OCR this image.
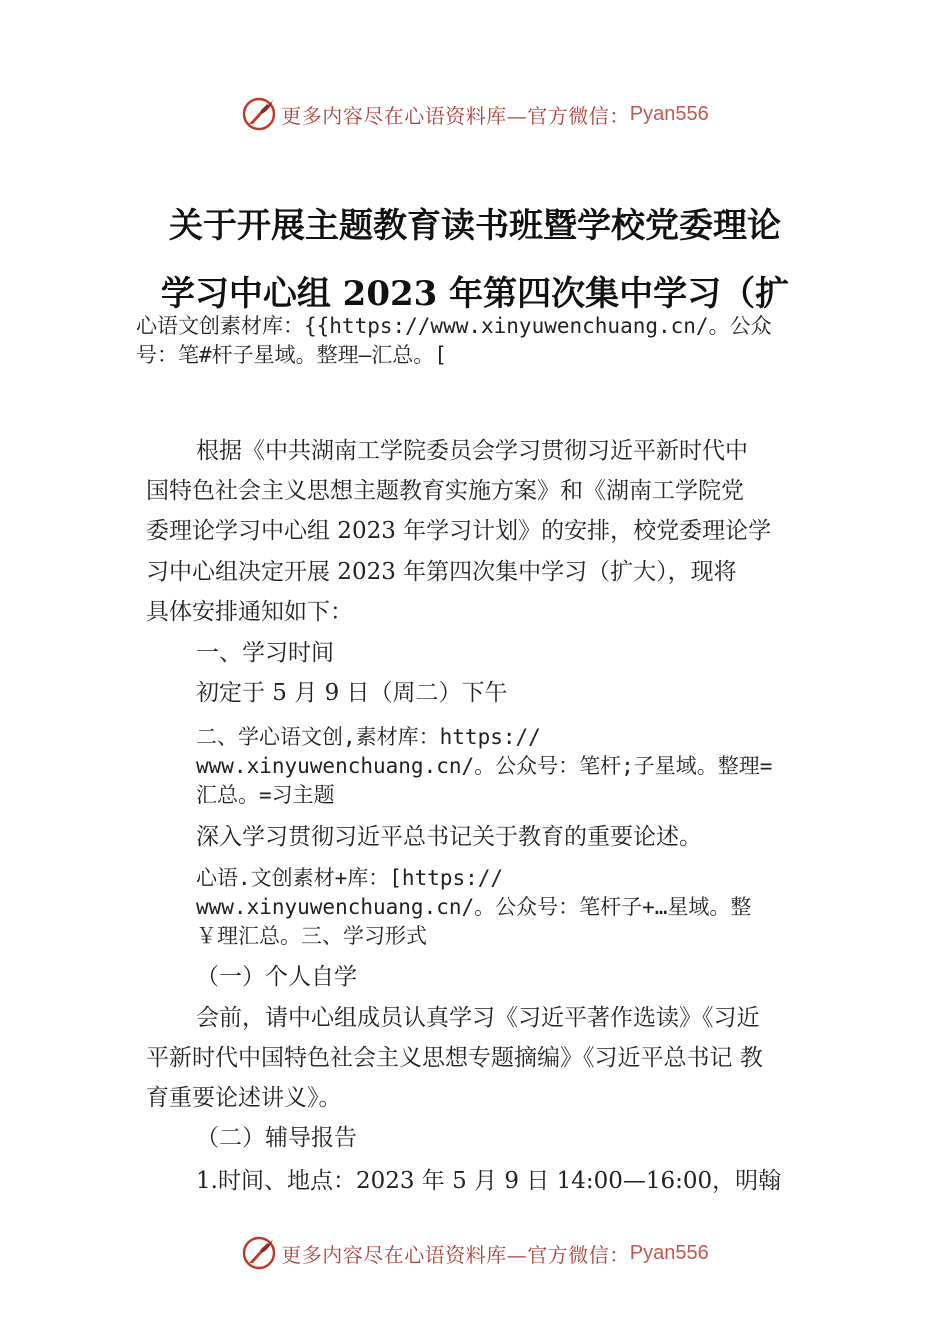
更多内容尽在心语资料库—官方微信： Pyan556
关于开展主题教育读书班暨学校党委理论
学习中心组 2023 年第四次集中学习（扩
心语文创素材库：{{https://www.xinyuwenchuang.cn/。公众
号：笔#杆子星域。整理—汇总。[
根据《中共湖南工学院委员会学习贯彻习近平新时代中
国特色社会主义思想主题教育实施方案》和《湖南工学院党
委理论学习中心组 2023 年学习计划》的安排，校党委理论学
习中心组决定开展 2023 年第四次集中学习（扩大），现将
具体安排通知如下：
一、学习时间
初定于 5 月 9 日（周二）下午
二、学心语文创,素材库：https://
www.xinyuwenchuang.cn/。公众号：笔杆;子星域。整理=
汇总。=习主题
深入学习贯彻习近平总书记关于教育的重要论述。
心语.文创素材+库：[https://
www.xinyuwenchuang.cn/。公众号：笔杆子+…星域。整
￥理汇总。三、学习形式
（一）个人自学
会前，请中心组成员认真学习《习近平著作选读》《习近
平新时代中国特色社会主义思想专题摘编》《习近平总书记 教
育重要论述讲义》。
（二）辅导报告
1.时间、地点：2023 年 5 月 9 日 14:00—16:00，明翰
更多内容尽在心语资料库—官方微信： Pyan556
